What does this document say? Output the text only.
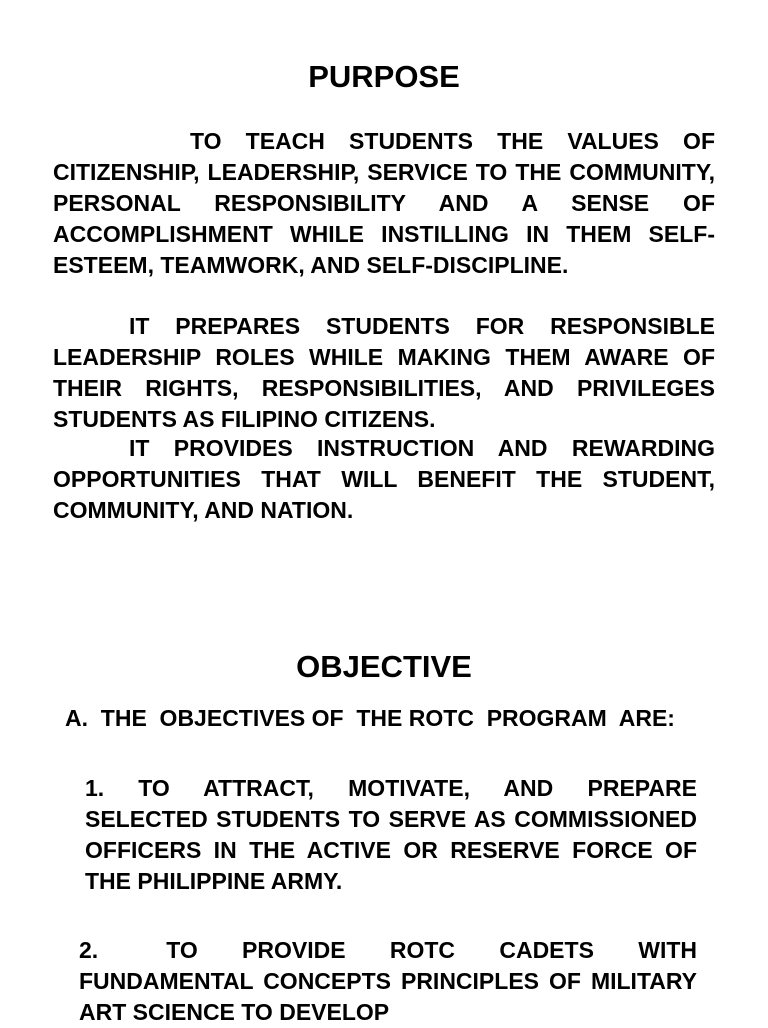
PURPOSE

TO TEACH STUDENTS THE VALUES OF CITIZENSHIP, LEADERSHIP, SERVICE TO THE COMMUNITY, PERSONAL RESPONSIBILITY AND A SENSE OF ACCOMPLISHMENT WHILE INSTILLING IN THEM SELF-ESTEEM, TEAMWORK, AND SELF-DISCIPLINE.

IT PREPARES STUDENTS FOR RESPONSIBLE LEADERSHIP ROLES WHILE MAKING THEM AWARE OF THEIR RIGHTS, RESPONSIBILITIES, AND PRIVILEGES STUDENTS AS FILIPINO CITIZENS.

IT PROVIDES INSTRUCTION AND REWARDING OPPORTUNITIES THAT WILL BENEFIT THE STUDENT, COMMUNITY, AND NATION.

OBJECTIVE
A.  THE  OBJECTIVES OF  THE ROTC  PROGRAM  ARE:

1. TO ATTRACT, MOTIVATE, AND PREPARE SELECTED STUDENTS TO SERVE AS COMMISSIONED OFFICERS IN THE ACTIVE OR RESERVE FORCE OF THE PHILIPPINE ARMY.

2.	TO PROVIDE ROTC CADETS WITH FUNDAMENTAL CONCEPTS PRINCIPLES OF MILITARY ART SCIENCE TO DEVELOP
